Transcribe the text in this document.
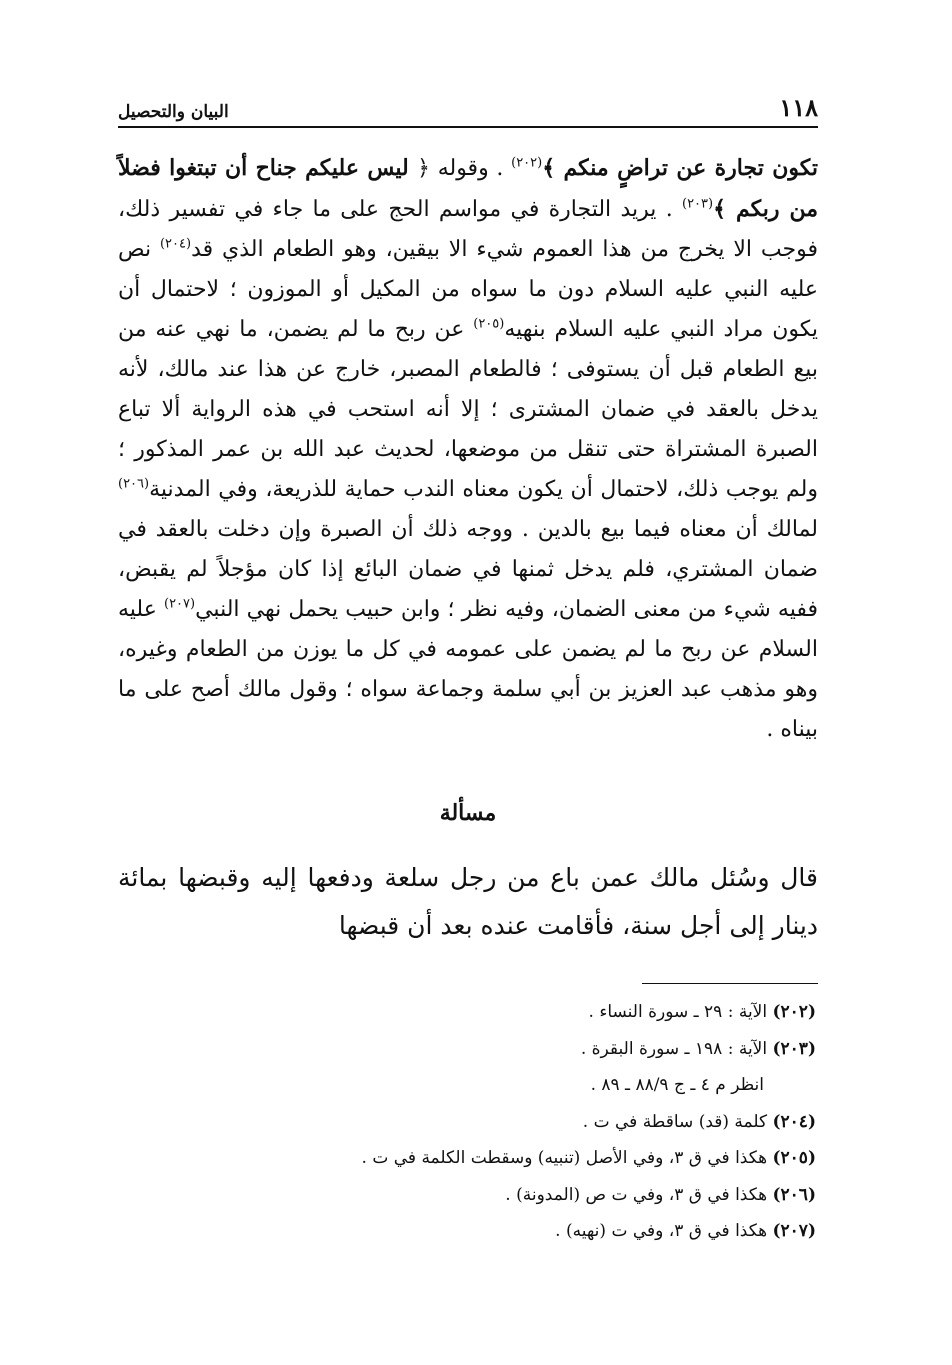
١١٨
البيان والتحصيل

تكون تجارة عن تراضٍ منكم ﴾$^{(٢٠٢)}$ . وقوله ﴿ ليس عليكم جناح أن تبتغوا فضلاً من ربكم ﴾$^{(٢٠٣)}$ . يريد التجارة في مواسم الحج على ما جاء في تفسير ذلك، فوجب الا يخرج من هذا العموم شيء الا بيقين، وهو الطعام الذي قد$^{(٢٠٤)}$ نص عليه النبي عليه السلام دون ما سواه من المكيل أو الموزون ؛ لاحتمال أن يكون مراد النبي عليه السلام بنهيه$^{(٢٠٥)}$ عن ربح ما لم يضمن، ما نهي عنه من بيع الطعام قبل أن يستوفى ؛ فالطعام المصبر، خارج عن هذا عند مالك، لأنه يدخل بالعقد في ضمان المشترى ؛ إلا أنه استحب في هذه الرواية ألا تباع الصبرة المشتراة حتى تنقل من موضعها، لحديث عبد الله بن عمر المذكور ؛ ولم يوجب ذلك، لاحتمال أن يكون معناه الندب حماية للذريعة، وفي المدنية$^{(٢٠٦)}$ لمالك أن معناه فيما بيع بالدين . ووجه ذلك أن الصبرة وإن دخلت بالعقد في ضمان المشتري، فلم يدخل ثمنها في ضمان البائع إذا كان مؤجلاً لم يقبض، ففيه شيء من معنى الضمان، وفيه نظر ؛ وابن حبيب يحمل نهي النبي$^{(٢٠٧)}$ عليه السلام عن ربح ما لم يضمن على عمومه في كل ما يوزن من الطعام وغيره، وهو مذهب عبد العزيز بن أبي سلمة وجماعة سواه ؛ وقول مالك أصح على ما بيناه .

مسألة

قال وسُئل مالك عمن باع من رجل سلعة ودفعها إليه وقبضها بمائة دينار إلى أجل سنة، فأقامت عنده بعد أن قبضها

(٢٠٢) الآية : ٢٩ ـ سورة النساء .
(٢٠٣) الآية : ١٩٨ ـ سورة البقرة .
انظر م ٤ ـ ج ٨٨/٩ ـ ٨٩ .
(٢٠٤) كلمة (قد) ساقطة في ت .
(٢٠٥) هكذا في ق ٣، وفي الأصل (تنبيه) وسقطت الكلمة في ت .
(٢٠٦) هكذا في ق ٣، وفي ت ص (المدونة) .
(٢٠٧) هكذا في ق ٣، وفي ت (نهيه) .
